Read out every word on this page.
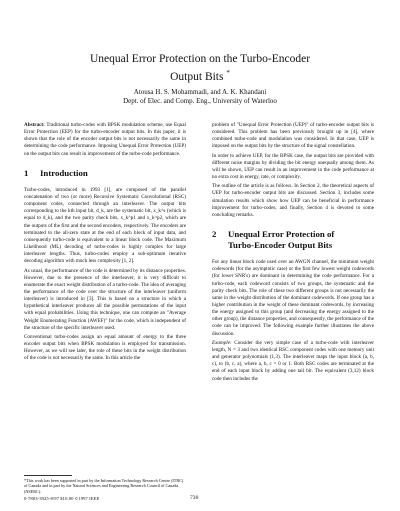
Unequal Error Protection on the Turbo-Encoder
Output Bits *
Atousa H. S. Mohammadi, and A. K. Khandani
Dept. of Elec. and Comp. Eng., University of Waterloo

Abstract: Traditional turbo-codes with BPSK modulation scheme, use Equal Error Protection (EEP) for the turbo-encoder output bits. In this paper, it is shown that the role of the encoder output bits is not necessarily the same in determining the code performance. Imposing Unequal Error Protection (UEP) on the output bits can result in improvement of the turbo-code performance.

1	Introduction

Turbo-codes, introduced in 1993 [1], are composed of the parallel concatenation of two (or more) Recursive Systematic Convolutional (RSC) component codes, connected through an interleaver. The output bits corresponding to the kth input bit, d_k, are the systematic bit, x_k^s (which is equal to d_k), and the two parity check bits, x_k^p1 and x_k^p2, which are the outputs of the first and the second encoders, respectively. The encoders are terminated to the all-zero state at the end of each block of input data, and consequently turbo-code is equivalent to a linear block code. The Maximum Likelihood (ML) decoding of turbo-codes is highly complex for large interleaver lengths. Thus, turbo-codes employ a sub-optimum iterative decoding algorithm with much less complexity [1, 2].

As usual, the performance of the code is determined by its distance properties. However, due to the presence of the interleaver, it is very difficult to enumerate the exact weight distribution of a turbo-code. The idea of averaging the performance of the code over the structure of the interleaver (uniform interleaver) is introduced in [3]. This is based on a structure in which a hypothetical interleaver produces all the possible permutations of the input with equal probabilities. Using this technique, one can compute an "Average Weight Enumerating Function (AWEF)" for the code, which is independent of the structure of the specific interleaver used.

Conventional turbo-codes assign an equal amount of energy to the three encoder output bits when BPSK modulation is employed for transmission. However, as we will see later, the role of these bits in the weight distribution of the code is not necessarily the same. In this article the

*This work has been supported in part by the Information Technology Research Centre (ITRC) of Canada and in part by the Natural Sciences and Engineering Research Council of Canada (NSERC).
0-7803-3925-8/97 $10.00 ©1997 IEEE	730

problem of "Unequal Error Protection (UEP)" of turbo-encoder output bits is considered. This problem has been previously brought up in [4], where combined turbo-code and modulation was considered. In that case, UEP is imposed on the output bits by the structure of the signal constellation.

In order to achieve UEP, for the BPSK case, the output bits are provided with different noise margins by dividing the bit energy unequally among them. As will be shown, UEP can result in an improvement in the code performance at no extra cost in energy, rate, or complexity.

The outline of the article is as follows. In Section 2, the theoretical aspects of UEP for turbo-encoder output bits are discussed. Section 3, includes some simulation results which show how UEP can be beneficial in performance improvement for turbo-codes, and finally, Section 4 is devoted to some concluding remarks.

2	Unequal Error Protection of
Turbo-Encoder Output Bits

For any linear block code used over an AWGN channel, the minimum weight codewords (for the asymptotic case) or the first few lowest weight codewords (for lower SNR's) are dominant in determining the code performance. For a turbo-code, each codeword consists of two groups, the systematic and the parity check bits. The role of these two different groups is not necessarily the same in the weight distribution of the dominant codewords. If one group has a higher contribution in the weight of these dominant codewords, by increasing the energy assigned to this group (and decreasing the energy assigned to the other group), the distance properties, and consequently, the performance of the code can be improved. The following example further illustrates the above discussion.

Example: Consider the very simple case of a turbo-code with interleaver length, N = 3 and two identical RSC component codes with one memory unit and generator polynomials (1,3). The interleaver maps the input block (a, b, c), to (b, c, a), where a, b, c = 0 or 1. Both RSC codes are terminated at the end of each input block by adding one tail bit. The equivalent (3,12) block code then includes the
